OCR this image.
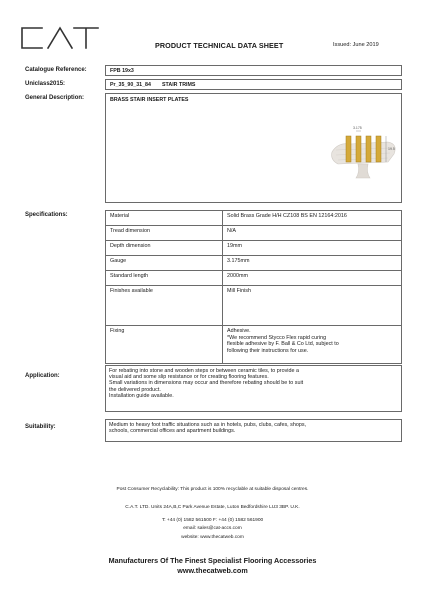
PRODUCT TECHNICAL DATA SHEET	Issued: June 2019
Catalogue Reference:	FPB 19x3
Uniclass2015:	Pr_35_90_31_84 STAIR TRIMS
General Description:	BRASS STAIR INSERT PLATES
3.175
19.5
Specifications:	Material	Solid Brass Grade H/H CZ108 BS EN 12164:2016
Tread dimension	N/A
Depth dimension	19mm
Gauge	3.175mm
Standard length	2000mm
Finishes available	Mill Finish
Fixing	Adhesive.
*We recommend Stycco Flex rapid curing
flexible adhesive by F. Ball & Co Ltd, subject to
following their instructions for use.
Application:
For rebating into stone and wooden steps or between ceramic tiles, to provide a
visual aid and some slip resistance or for creating flooring features.
Small variations in dimensions may occur and therefore rebating should be to suit
the delivered product.
Installation guide available.
Suitability:	Medium to heavy foot traffic situations such as in hotels, pubs, clubs, cafes, shops,
schools, commercial offices and apartment buildings.
Post Consumer Recyclability: This product is 100% recyclable at suitable disposal centres.
C.A.T. LTD. Units 24A,B,C Park Avenue Estate, Luton Bedfordshire LU3 3BP. U.K.
T: +44 (0) 1582 561500 F: +44 (0) 1582 561900
email: sales@cat-accs.com
website: www.thecatweb.com
Manufacturers Of The Finest Specialist Flooring Accessories
www.thecatweb.com
